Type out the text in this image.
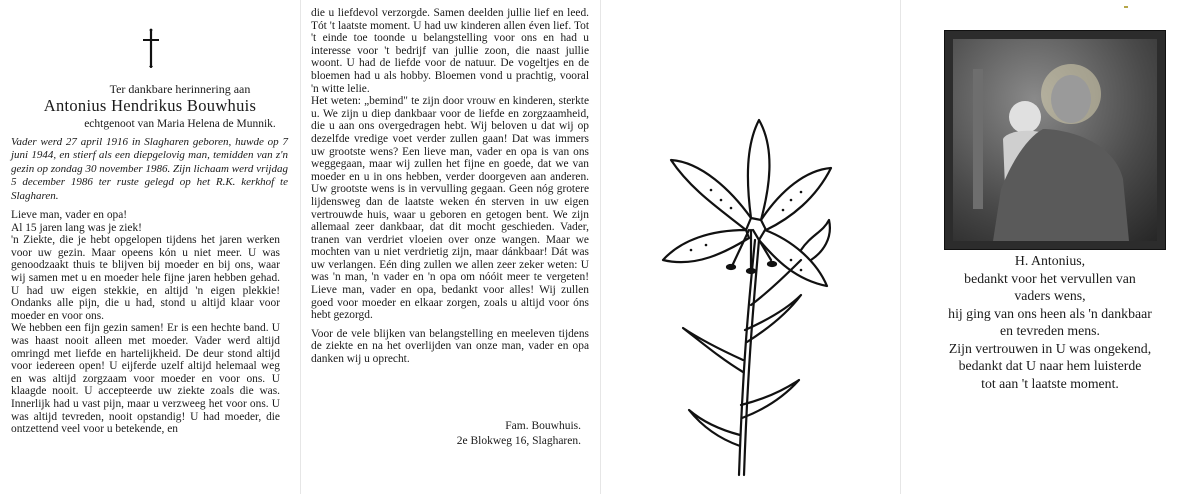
Ter dankbare herinnering aan
Antonius Hendrikus Bouwhuis
echtgenoot van Maria Helena de Munnik.
Vader werd 27 april 1916 in Slagharen geboren, huwde op 7 juni 1944, en stierf als een diepgelovig man, temidden van z'n gezin op zondag 30 november 1986. Zijn lichaam werd vrijdag 5 december 1986 ter ruste gelegd op het R.K. kerkhof te Slagharen.

Lieve man, vader en opa!

Al 15 jaren lang was je ziek!

'n Ziekte, die je hebt opgelopen tijdens het jaren werken voor uw gezin. Maar opeens kón u niet meer. U was genoodzaakt thuis te blijven bij moeder en bij ons, waar wij samen met u en moeder hele fijne jaren hebben gehad. U had uw eigen stekkie, en altijd 'n eigen plekkie! Ondanks alle pijn, die u had, stond u altijd klaar voor moeder en voor ons.

We hebben een fijn gezin samen! Er is een hechte band. U was haast nooit alleen met moeder. Vader werd altijd omringd met liefde en hartelijkheid. De deur stond altijd voor iedereen open! U eijferde uzelf altijd helemaal weg en was altijd zorgzaam voor moeder en voor ons. U klaagde nooit. U accepteerde uw ziekte zoals die was. Innerlijk had u vast pijn, maar u verzweeg het voor ons. U was altijd tevreden, nooit opstandig! U had moeder, die ontzettend veel voor u betekende, en

die u liefdevol verzorgde. Samen deelden jullie lief en leed. Tót 't laatste moment. U had uw kinderen allen éven lief. Tot 't einde toe toonde u belangstelling voor ons en had u interesse voor 't bedrijf van jullie zoon, die naast jullie woont. U had de liefde voor de natuur. De vogeltjes en de bloemen had u als hobby. Bloemen vond u prachtig, vooral 'n witte lelie.

Het weten: „bemind" te zijn door vrouw en kinderen, sterkte u. We zijn u diep dankbaar voor de liefde en zorgzaamheid, die u aan ons overgedragen hebt. Wij beloven u dat wij op dezelfde vredige voet verder zullen gaan! Dat was immers uw grootste wens? Een lieve man, vader en opa is van ons weggegaan, maar wij zullen het fijne en goede, dat we van moeder en u in ons hebben, verder doorgeven aan anderen. Uw grootste wens is in vervulling gegaan. Geen nóg grotere lijdensweg dan de laatste weken én sterven in uw eigen vertrouwde huis, waar u geboren en getogen bent. We zijn allemaal zeer dankbaar, dat dit mocht geschieden. Vader, tranen van verdriet vloeien over onze wangen. Maar we mochten van u niet verdrietig zijn, maar dánkbaar! Dát was uw verlangen. Eén ding zullen we allen zeer zeker weten: U was 'n man, 'n vader en 'n opa om nóóit meer te vergeten! Lieve man, vader en opa, bedankt voor alles! Wij zullen goed voor moeder en elkaar zorgen, zoals u altijd voor óns hebt gezorgd.

Voor de vele blijken van belangstelling en meeleven tijdens de ziekte en na het overlijden van onze man, vader en opa danken wij u oprecht.

Fam. Bouwhuis.
2e Blokweg 16, Slagharen.

H. Antonius,

bedankt voor het vervullen van

vaders wens,

hij ging van ons heen als 'n dankbaar

en tevreden mens.

Zijn vertrouwen in U was ongekend,

bedankt dat U naar hem luisterde

tot aan 't laatste moment.
